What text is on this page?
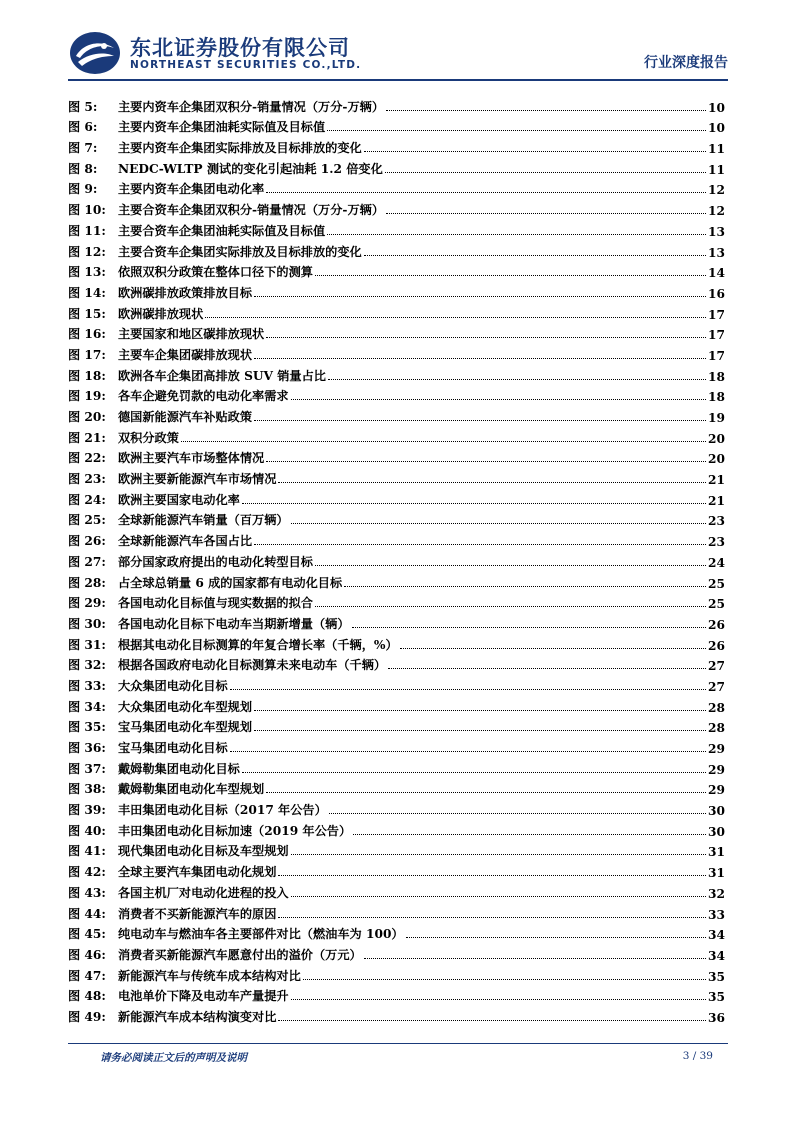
东北证券股份有限公司
NORTHEAST SECURITIES CO.,LTD.	行业深度报告
图 5:	主要内资车企集团双积分-销量情况（万分-万辆）	10
图 6:	主要内资车企集团油耗实际值及目标值	10
图 7:	主要内资车企集团实际排放及目标排放的变化	11
图 8:	NEDC-WLTP 测试的变化引起油耗 1.2 倍变化	11
图 9:	主要内资车企集团电动化率	12
图 10: 主要合资车企集团双积分-销量情况（万分-万辆）	12
图 11: 主要合资车企集团油耗实际值及目标值	13
图 12: 主要合资车企集团实际排放及目标排放的变化	13
图 13: 依照双积分政策在整体口径下的测算	14
图 14: 欧洲碳排放政策排放目标	16
图 15: 欧洲碳排放现状	17
图 16: 主要国家和地区碳排放现状	17
图 17: 主要车企集团碳排放现状	17
图 18: 欧洲各车企集团高排放 SUV 销量占比	18
图 19: 各车企避免罚款的电动化率需求	18
图 20: 德国新能源汽车补贴政策	19
图 21: 双积分政策	20
图 22: 欧洲主要汽车市场整体情况	20
图 23: 欧洲主要新能源汽车市场情况	21
图 24: 欧洲主要国家电动化率	21
图 25: 全球新能源汽车销量（百万辆）	23
图 26: 全球新能源汽车各国占比	23
图 27: 部分国家政府提出的电动化转型目标	24
图 28: 占全球总销量 6 成的国家都有电动化目标	25
图 29: 各国电动化目标值与现实数据的拟合	25
图 30: 各国电动化目标下电动车当期新增量（辆）	26
图 31: 根据其电动化目标测算的年复合增长率（千辆，%）	26
图 32: 根据各国政府电动化目标测算未来电动车（千辆）	27
图 33: 大众集团电动化目标	27
图 34: 大众集团电动化车型规划	28
图 35: 宝马集团电动化车型规划	28
图 36: 宝马集团电动化目标	29
图 37: 戴姆勒集团电动化目标	29
图 38: 戴姆勒集团电动化车型规划	29
图 39: 丰田集团电动化目标（2017 年公告）	30
图 40: 丰田集团电动化目标加速（2019 年公告）	30
图 41: 现代集团电动化目标及车型规划	31
图 42: 全球主要汽车集团电动化规划	31
图 43: 各国主机厂对电动化进程的投入	32
图 44: 消费者不买新能源汽车的原因	33
图 45: 纯电动车与燃油车各主要部件对比（燃油车为 100）	34
图 46: 消费者买新能源汽车愿意付出的溢价（万元）	34
图 47: 新能源汽车与传统车成本结构对比	35
图 48: 电池单价下降及电动车产量提升	35
图 49: 新能源汽车成本结构演变对比	36
请务必阅读正文后的声明及说明	3 / 39
